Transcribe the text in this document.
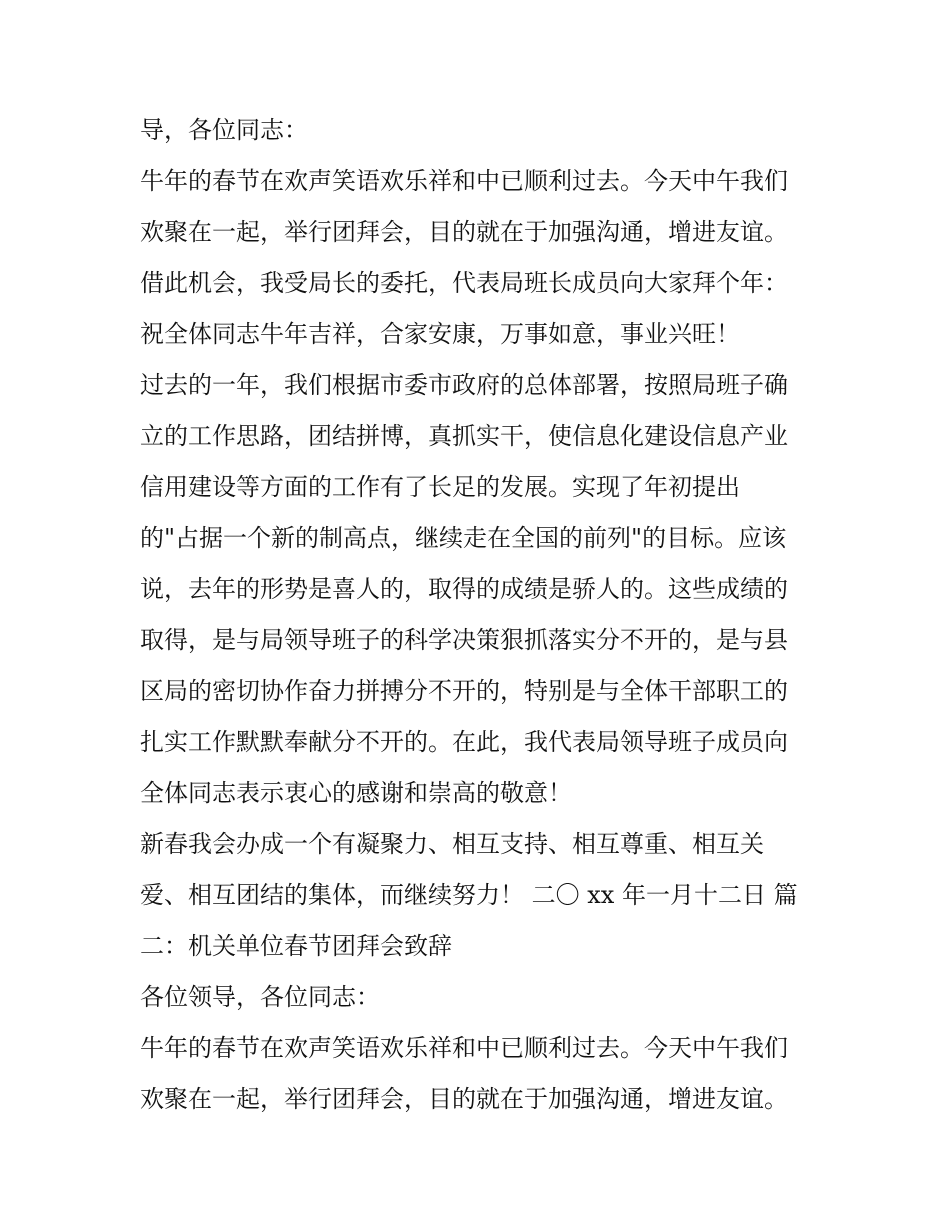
导，各位同志：
牛年的春节在欢声笑语欢乐祥和中已顺利过去。今天中午我们
欢聚在一起，举行团拜会，目的就在于加强沟通，增进友谊。
借此机会，我受局长的委托，代表局班长成员向大家拜个年：
祝全体同志牛年吉祥，合家安康，万事如意，事业兴旺！
过去的一年，我们根据市委市政府的总体部署，按照局班子确
立的工作思路，团结拼博，真抓实干，使信息化建设信息产业
信用建设等方面的工作有了长足的发展。实现了年初提出
的"占据一个新的制高点，继续走在全国的前列"的目标。应该
说，去年的形势是喜人的，取得的成绩是骄人的。这些成绩的
取得，是与局领导班子的科学决策狠抓落实分不开的，是与县
区局的密切协作奋力拼搏分不开的，特别是与全体干部职工的
扎实工作默默奉献分不开的。在此，我代表局领导班子成员向
全体同志表示衷心的感谢和崇高的敬意！
新春我会办成一个有凝聚力、相互支持、相互尊重、相互关
爱、相互团结的集体，而继续努力！ 二〇 xx 年一月十二日 篇
二：机关单位春节团拜会致辞
各位领导，各位同志：
牛年的春节在欢声笑语欢乐祥和中已顺利过去。今天中午我们
欢聚在一起，举行团拜会，目的就在于加强沟通，增进友谊。
